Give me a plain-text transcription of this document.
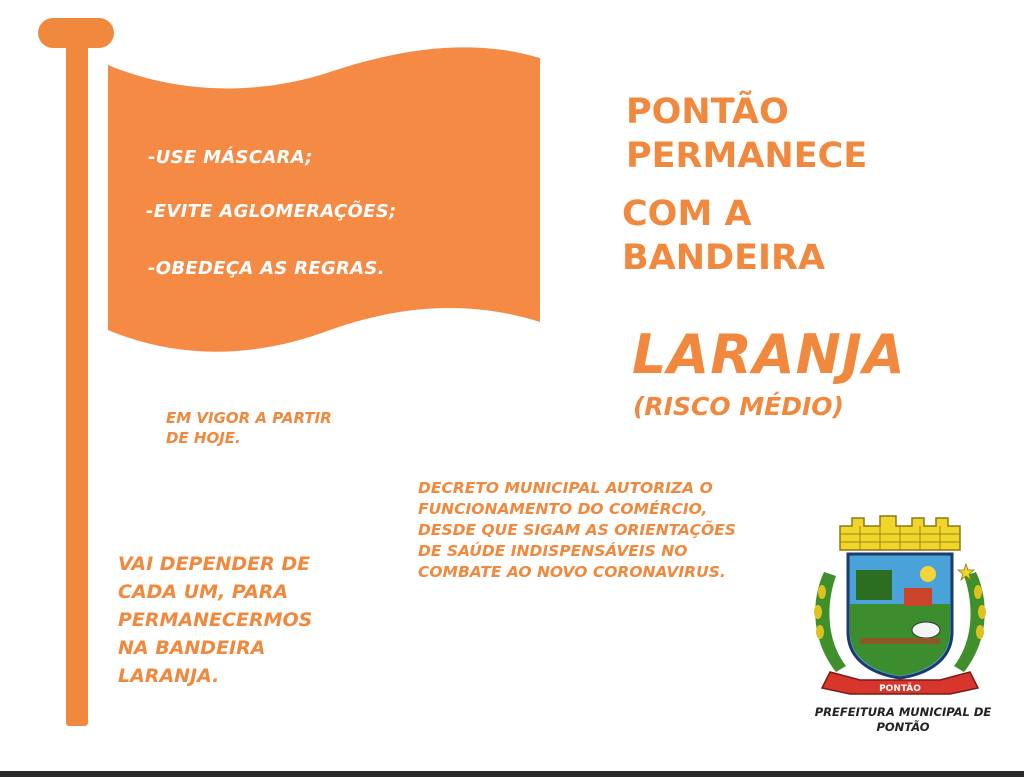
-USE MÁSCARA;
-EVITE AGLOMERAÇÕES;
-OBEDEÇA AS REGRAS.
PONTÃO
PERMANECE
COM A
BANDEIRA
LARANJA
(RISCO MÉDIO)
EM VIGOR A PARTIR
DE HOJE.
DECRETO MUNICIPAL AUTORIZA O
FUNCIONAMENTO DO COMÉRCIO,
DESDE QUE SIGAM AS ORIENTAÇÕES
DE SAÚDE INDISPENSÁVEIS NO
COMBATE AO NOVO CORONAVIRUS.
VAI DEPENDER DE
CADA UM, PARA
PERMANECERMOS
NA BANDEIRA
LARANJA.
PONTÃO
PREFEITURA MUNICIPAL DE
PONTÃO
